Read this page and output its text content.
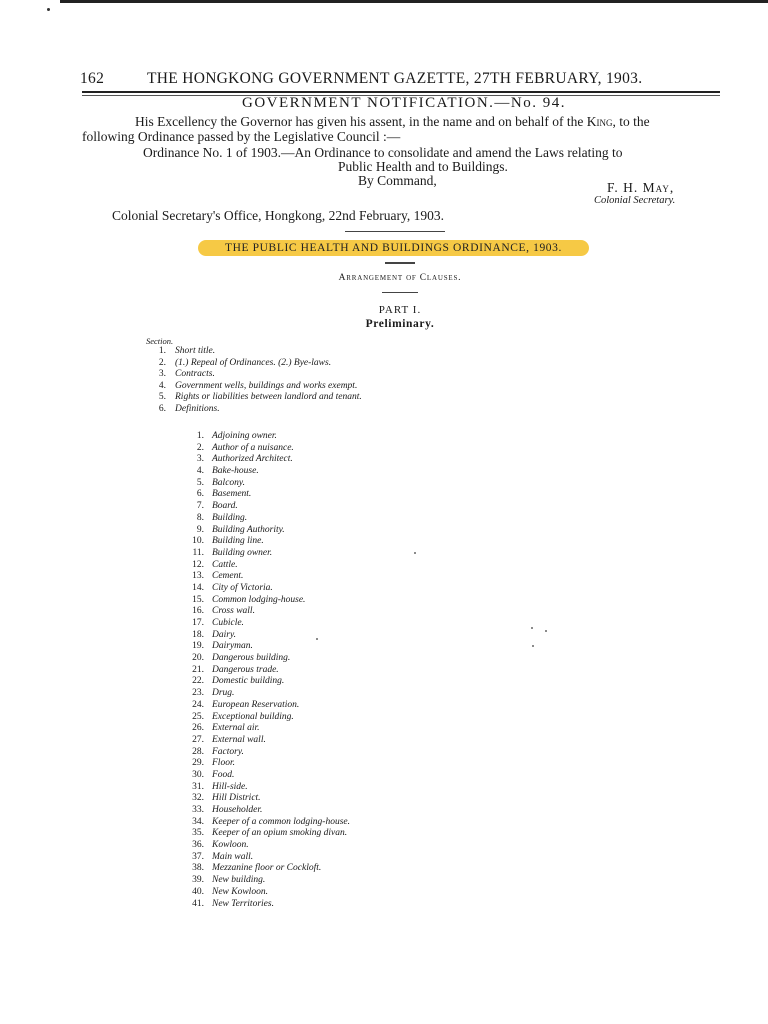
162	THE HONGKONG GOVERNMENT GAZETTE, 27TH FEBRUARY, 1903.
GOVERNMENT NOTIFICATION.—No. 94.
His Excellency the Governor has given his assent, in the name and on behalf of the King, to the
following Ordinance passed by the Legislative Council :—
Ordinance No. 1 of 1903.—An Ordinance to consolidate and amend the Laws relating to
Public Health and to Buildings.
By Command,	F. H. May,
Colonial Secretary.
Colonial Secretary's Office, Hongkong, 22nd February, 1903.
THE PUBLIC HEALTH AND BUILDINGS ORDINANCE, 1903.
Arrangement of Clauses.
PART I.
Preliminary.
Section.
1. Short title.
2. (1.) Repeal of Ordinances. (2.) Bye-laws.
3. Contracts.
4. Government wells, buildings and works exempt.
5. Rights or liabilities between landlord and tenant.
6. Definitions.
1. Adjoining owner.
2. Author of a nuisance.
3. Authorized Architect.
4. Bake-house.
5. Balcony.
6. Basement.
7. Board.
8. Building.
9. Building Authority.
10. Building line.
11. Building owner.
12. Cattle.
13. Cement.
14. City of Victoria.
15. Common lodging-house.
16. Cross wall.
17. Cubicle.
18. Dairy.
19. Dairyman.
20. Dangerous building.
21. Dangerous trade.
22. Domestic building.
23. Drug.
24. European Reservation.
25. Exceptional building.
26. External air.
27. External wall.
28. Factory.
29. Floor.
30. Food.
31. Hill-side.
32. Hill District.
33. Householder.
34. Keeper of a common lodging-house.
35. Keeper of an opium smoking divan.
36. Kowloon.
37. Main wall.
38. Mezzanine floor or Cockloft.
39. New building.
40. New Kowloon.
41. New Territories.
